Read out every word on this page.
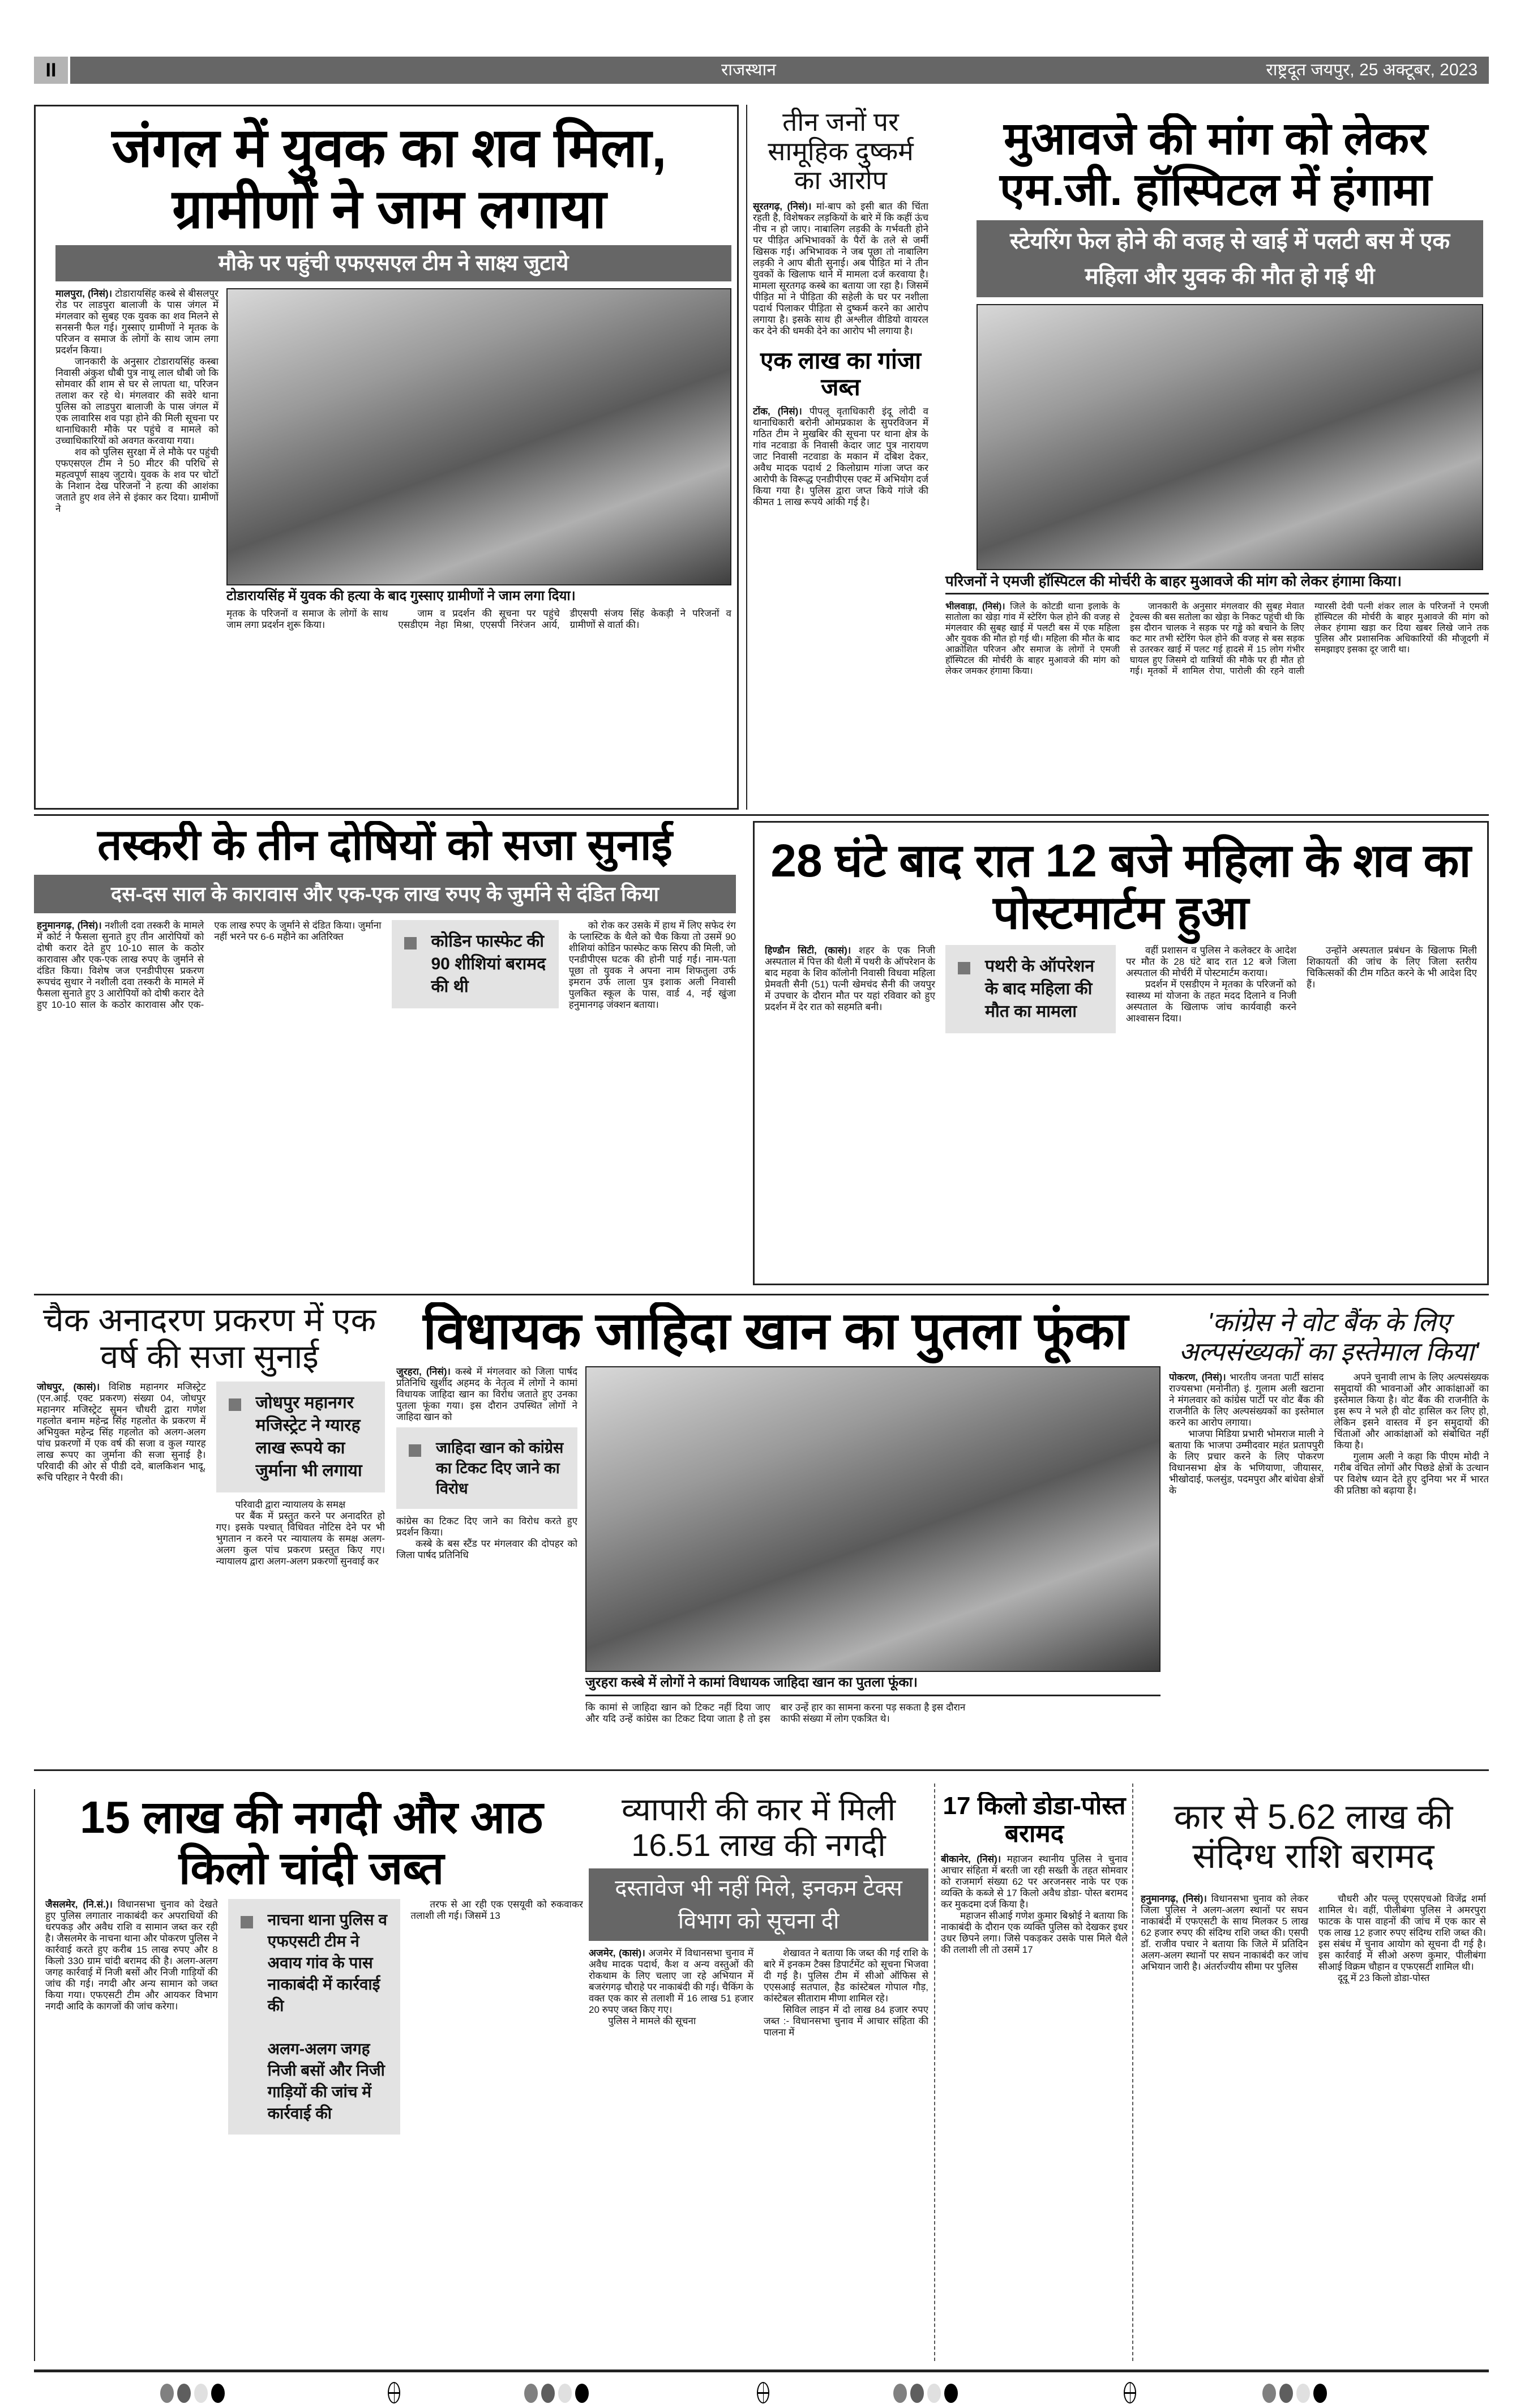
II	राजस्थान	राष्ट्रदूत जयपुर, 25 अक्टूबर, 2023
जंगल में युवक का शव मिला, ग्रामीणों ने जाम लगाया
मौके पर पहुंची एफएसएल टीम ने साक्ष्य जुटाये

मालपुरा, (निसं)। टोडारायसिंह कस्बे से बीसलपुर रोड पर लाडपुरा बालाजी के पास जंगल में मंगलवार को सुबह एक युवक का शव मिलने से सनसनी फैल गई। गुस्साए ग्रामीणों ने मृतक के परिजन व समाज के लोगों के साथ जाम लगा प्रदर्शन किया।

जानकारी के अनुसार टोडारायसिंह कस्बा निवासी अंकुश धौबी पुत्र नाथू लाल धौबी जो कि सोमवार की शाम से घर से लापता था, परिजन तलाश कर रहे थे। मंगलवार की सवेरे थाना पुलिस को लाडपुरा बालाजी के पास जंगल में एक लावारिस शव पड़ा होने की मिली सूचना पर थानाधिकारी मौके पर पहुंचे व मामले को उच्चाधिकारियों को अवगत करवाया गया।

शव को पुलिस सुरक्षा में ले मौके पर पहुंची एफएसएल टीम ने 50 मीटर की परिधि से महत्वपूर्ण साक्ष्य जुटाये। युवक के शव पर चोटों के निशान देख परिजनों ने हत्या की आशंका जताते हुए शव लेने से इंकार कर दिया। ग्रामीणों ने

टोडारायसिंह में युवक की हत्या के बाद गुस्साए ग्रामीणों ने जाम लगा दिया।

मृतक के परिजनों व समाज के लोगों के साथ जाम लगा प्रदर्शन शुरू किया।

जाम व प्रदर्शन की सूचना पर पहुंचे एसडीएम नेहा मिश्रा, एएसपी निरंजन आर्य, डीएसपी संजय सिंह केकड़ी ने परिजनों व ग्रामीणों से वार्ता की।

तीन जनों पर सामूहिक दुष्कर्म का आरोप

सूरतगढ़, (निसं)। मां-बाप को इसी बात की चिंता रहती है, विशेषकर लड़कियों के बारे में कि कहीं ऊंच नीच न हो जाए। नाबालिग लड़की के गर्भवती होने पर पीड़ित अभिभावकों के पैरों के तले से जमीं खिसक गई। अभिभावक ने जब पूछा तो नाबालिग लड़की ने आप बीती सुनाई। अब पीड़ित मां ने तीन युवकों के खिलाफ थाने में मामला दर्ज करवाया है। मामला सूरतगढ़ कस्बे का बताया जा रहा है। जिसमें पीड़ित मां ने पीड़िता की सहेली के घर पर नशीला पदार्थ पिलाकर पीड़िता से दुष्कर्म करने का आरोप लगाया है। इसके साथ ही अश्लील वीडियो वायरल कर देने की धमकी देने का आरोप भी लगाया है।

एक लाख का गांजा जब्त

टोंक, (निसं)। पीपलू वृताधिकारी इंदू लोदी व थानाधिकारी बरोनी ओमप्रकाश के सुपरविजन में गठित टीम ने मुखबिर की सूचना पर थाना क्षेत्र के गांव नटवाडा के निवासी केदार जाट पुत्र नारायण जाट निवासी नटवाडा के मकान में दबिश देकर, अवैध मादक पदार्थ 2 किलोग्राम गांजा जप्त कर आरोपी के विरूद्ध एनडीपीएस एक्ट में अभियोग दर्ज किया गया है। पुलिस द्वारा जप्त किये गांजे की कीमत 1 लाख रूपये आंकी गई है।

मुआवजे की मांग को लेकर एम.जी. हॉस्पिटल में हंगामा
स्टेयरिंग फेल होने की वजह से खाई में पलटी बस में एक महिला और युवक की मौत हो गई थी
परिजनों ने एमजी हॉस्पिटल की मोर्चरी के बाहर मुआवजे की मांग को लेकर हंगामा किया।

भीलवाड़ा, (निसं)। जिले के कोटडी थाना इलाके के सातोला का खेड़ा गांव में स्टेरिंग फेल होने की वजह से मंगलवार की सुबह खाई में पलटी बस में एक महिला और युवक की मौत हो गई थी। महिला की मौत के बाद आक्रोशित परिजन और समाज के लोगों ने एमजी हॉस्पिटल की मोर्चरी के बाहर मुआवजे की मांग को लेकर जमकर हंगामा किया।

जानकारी के अनुसार मंगलवार की सुबह मेवात ट्रेवल्स की बस सतोला का खेड़ा के निकट पहुंची थी कि इस दौरान चालक ने सड़क पर गड्ढे को बचाने के लिए कट मार तभी स्टेरिंग फेल होने की वजह से बस सड़क से उतरकर खाई में पलट गई हादसे में 15 लोग गंभीर घायल हुए जिसमे दो यात्रियों की मौके पर ही मौत हो गई। मृतकों में शामिल रोपा, पारोली की रहने वाली ग्यारसी देवी पत्नी शंकर लाल के परिजनों ने एमजी हॉस्पिटल की मोर्चरी के बाहर मुआवजे की मांग को लेकर हंगामा खड़ा कर दिया खबर लिखे जाने तक पुलिस और प्रशासनिक अधिकारियों की मौजूदगी में समझाइए इसका दूर जारी था।

तस्करी के तीन दोषियों को सजा सुनाई
दस-दस साल के कारावास और एक-एक लाख रुपए के जुर्माने से दंडित किया

हनुमानगढ़, (निसं)। नशीली दवा तस्करी के मामले में कोर्ट ने फैसला सुनाते हुए तीन आरोपियों को दोषी करार देते हुए 10-10 साल के कठोर कारावास और एक-एक लाख रुपए के जुर्माने से दंडित किया। विशेष जज एनडीपीएस प्रकरण रूपचंद सुथार ने नशीली दवा तस्करी के मामले में फैसला सुनाते हुए 3 आरोपियों को दोषी करार देते हुए 10-10 साल के कठोर कारावास और एक-एक लाख रुपए के जुर्माने से दंडित किया। जुर्माना नहीं भरने पर 6-6 महीने का अतिरिक्त	कोडिन फास्फेट की 90 शीशियां बरामद की थी

को रोक कर उसके में हाथ में लिए सफेद रंग के प्लास्टिक के थैले को चैक किया तो उसमें 90 शीशियां कोडिन फास्फेट कफ सिरप की मिली, जो एनडीपीएस घटक की होनी पाई गई। नाम-पता पूछा तो युवक ने अपना नाम शिफतुला उर्फ इमरान उर्फ लाला पुत्र इशाक अली निवासी पुलकित स्कूल के पास, वार्ड 4, नई खुंजा हनुमानगढ़ जंक्शन बताया।

28 घंटे बाद रात 12 बजे महिला के शव का पोस्टमार्टम हुआ

हिण्डौन सिटी, (कासं)। शहर के एक निजी अस्पताल में पित्त की थैली में पथरी के ऑपरेशन के बाद महवा के शिव कॉलोनी निवासी विधवा महिला प्रेमवती सैनी (51) पत्नी खेमचंद सैनी की जयपुर में उपचार के दौरान मौत पर यहां रविवार को हुए प्रदर्शन में देर रात को सहमति बनी।

पथरी के ऑपरेशन के बाद महिला की मौत का मामला

वहीं प्रशासन व पुलिस ने कलेक्टर के आदेश पर मौत के 28 घंटे बाद रात 12 बजे जिला अस्पताल की मोर्चरी में पोस्टमार्टम कराया।

प्रदर्शन में एसडीएम ने मृतका के परिजनों को स्वास्थ्य मां योजना के तहत मदद दिलाने व निजी अस्पताल के खिलाफ जांच कार्यवाही करने आश्वासन दिया।

उन्होंने अस्पताल प्रबंधन के खिलाफ मिली शिकायतों की जांच के लिए जिला स्तरीय चिकित्सकों की टीम गठित करने के भी आदेश दिए हैं।

चैक अनादरण प्रकरण में एक वर्ष की सजा सुनाई

जोधपुर, (कासं)। विशिष्ठ महानगर मजिस्ट्रेट (एन.आई. एक्ट प्रकरण) संख्या 04, जोधपुर महानगर मजिस्ट्रेट सुमन चौधरी द्वारा गणेश गहलोत बनाम महेन्द्र सिंह गहलोत के प्रकरण में अभियुक्त महेन्द्र सिंह गहलोत को अलग-अलग पांच प्रकरणों में एक वर्ष की सजा व कुल ग्यारह लाख रूपए का जुर्माना की सजा सुनाई है। परिवादी की ओर से पीडी दवे, बालकिशन भादू, रूचि परिहार ने पैरवी की।

जोधपुर महानगर मजिस्ट्रेट ने ग्यारह लाख रूपये का जुर्माना भी लगाया

परिवादी द्वारा न्यायालय के समक्ष

पर बैंक में प्रस्तुत करने पर अनादरित हो गए। इसके पश्चात् विधिवत नोटिस देने पर भी भुगतान न करने पर न्यायालय के समक्ष अलग-अलग कुल पांच प्रकरण प्रस्तुत किए गए। न्यायालय द्वारा अलग-अलग प्रकरणों सुनवाई कर

विधायक जाहिदा खान का पुतला फूंका

जुरहरा, (निसं)। कस्बे में मंगलवार को जिला पार्षद प्रतिनिधि खुर्शीद अहमद के नेतृत्व में लोगों ने कामां विधायक जाहिदा खान का विरोध जताते हुए उनका पुतला फूंका गया। इस दौरान उपस्थित लोगों ने जाहिदा खान को

जाहिदा खान को कांग्रेस का टिकट दिए जाने का विरोध

कांग्रेस का टिकट दिए जाने का विरोध करते हुए प्रदर्शन किया।

कस्बे के बस स्टैंड पर मंगलवार की दोपहर को जिला पार्षद प्रतिनिधि

जुरहरा कस्बे में लोगों ने कामां विधायक जाहिदा खान का पुतला फूंका।

कि कामां से जाहिदा खान को टिकट नहीं दिया जाए और यदि उन्हें कांग्रेस का टिकट दिया जाता है तो इस बार उन्हें हार का सामना करना पड़ सकता है इस दौरान काफी संख्या में लोग एकत्रित थे।

'कांग्रेस ने वोट बैंक के लिए अल्पसंख्यकों का इस्तेमाल किया'

पोकरण, (निसं)। भारतीय जनता पार्टी सांसद राज्यसभा (मनोनीत) इं. गुलाम अली खटाना ने मंगलवार को कांग्रेस पार्टी पर वोट बैंक की राजनीति के लिए अल्पसंख्यकों का इस्तेमाल करने का आरोप लगाया।

भाजपा मिडिया प्रभारी भोमराज माली ने बताया कि भाजपा उम्मीदवार महंत प्रतापपुरी के लिए प्रचार करने के लिए पोकरण विधानसभा क्षेत्र के भणियाणा, जीयासर, भीखोदाई, फलसुंड, पदमपुरा और बांधेवा क्षेत्रों के

अपने चुनावी लाभ के लिए अल्पसंख्यक समुदायों की भावनाओं और आकांक्षाओं का इस्तेमाल किया है। वोट बैंक की राजनीति के इस रूप ने भले ही वोट हासिल कर लिए हो, लेकिन इसने वास्तव में इन समुदायों की चिंताओं और आकांक्षाओं को संबोधित नहीं किया है।

गुलाम अली ने कहा कि पीएम मोदी ने गरीब वंचित लोगों और पिछडे क्षेत्रों के उत्थान पर विशेष ध्यान देते हुए दुनिया भर में भारत की प्रतिष्ठा को बढ़ाया है।

15 लाख की नगदी और आठ किलो चांदी जब्त

जैसलमेर, (नि.सं.)। विधानसभा चुनाव को देखते हुए पुलिस लगातार नाकाबंदी कर अपराधियों की धरपकड़ और अवैध राशि व सामान जब्त कर रही है। जैसलमेर के नाचना थाना और पोकरण पुलिस ने कार्रवाई करते हुए करीब 15 लाख रुपए और 8 किलो 330 ग्राम चांदी बरामद की है। अलग-अलग जगह कार्रवाई में निजी बसों और निजी गाड़ियों की जांच की गई। नगदी और अन्य सामान को जब्त किया गया। एफएसटी टीम और आयकर विभाग नगदी आदि के कागजों की जांच करेगा।

नाचना थाना पुलिस व एफएसटी टीम ने अवाय गांव के पास नाकाबंदी में कार्रवाई की

अलग-अलग जगह निजी बसों और निजी गाड़ियों की जांच में कार्रवाई की

तरफ से आ रही एक एसयूवी को रुकवाकर तलाशी ली गई। जिसमें 13

व्यापारी की कार में मिली 16.51 लाख की नगदी
दस्तावेज भी नहीं मिले, इनकम टेक्स विभाग को सूचना दी

अजमेर, (कासं)। अजमेर में विधानसभा चुनाव में अवैध मादक पदार्थ, कैश व अन्य वस्तुओं की रोकथाम के लिए चलाए जा रहे अभियान में बजरंगगढ़ चौराहे पर नाकाबंदी की गई। चैकिंग के वक्त एक कार से तलाशी में 16 लाख 51 हजार 20 रुपए जब्त किए गए।

पुलिस ने मामले की सूचना

शेखावत ने बताया कि जब्त की गई राशि के बारे में इनकम टैक्स डिपार्टमेंट को सूचना भिजवा दी गई है। पुलिस टीम में सीओ ऑफिस से एएसआई सतपाल, हैड कांस्टेबल गोपाल गौड़, कांस्टेबल सीताराम मीणा शामिल रहे।

सिविल लाइन में दो लाख 84 हजार रुपए जब्त :- विधानसभा चुनाव में आचार संहिता की पालना में

17 किलो डोडा-पोस्त बरामद

बीकानेर, (निसं)। महाजन स्थानीय पुलिस ने चुनाव आचार संहिता में बरती जा रही सख्ती के तहत सोमवार को राजमार्ग संख्या 62 पर अरजनसर नाके पर एक व्यक्ति के कब्जे से 17 किलो अवैध डोडा- पोस्त बरामद कर मुकदमा दर्ज किया है।

महाजन सीआई गणेश कुमार बिश्नोई ने बताया कि नाकाबंदी के दौरान एक व्यक्ति पुलिस को देखकर इधर उधर छिपने लगा। जिसे पकड़कर उसके पास मिले थैले की तलाशी ली तो उसमें 17

कार से 5.62 लाख की संदिग्ध राशि बरामद

हनुमानगढ़, (निसं)। विधानसभा चुनाव को लेकर जिला पुलिस ने अलग-अलग स्थानों पर सघन नाकाबंदी में एफएसटी के साथ मिलकर 5 लाख 62 हजार रुपए की संदिग्ध राशि जब्त की। एसपी डॉ. राजीव पचार ने बताया कि जिले में प्रतिदिन अलग-अलग स्थानों पर सघन नाकाबंदी कर जांच अभियान जारी है। अंतर्राज्यीय सीमा पर पुलिस

चौधरी और पल्लू एएसएचओ विजेंद्र शर्मा शामिल थे। वहीं, पीलीबंगा पुलिस ने अमरपुरा फाटक के पास वाहनों की जांच में एक कार से एक लाख 12 हजार रुपए संदिग्ध राशि जब्त की। इस संबंध में चुनाव आयोग को सूचना दी गई है। इस कार्रवाई में सीओ अरुण कुमार, पीलीबंगा सीआई विक्रम चौहान व एफएसटी शामिल थी।

दूदू में 23 किलो डोडा-पोस्त
